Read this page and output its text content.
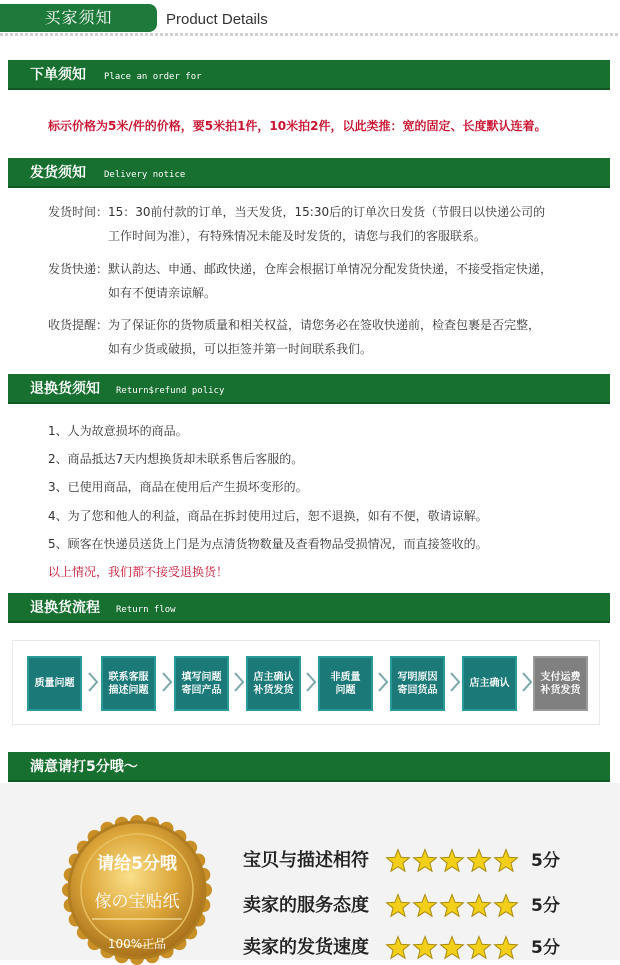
买家须知	Product Details
下单须知 Place an order for
标示价格为5米/件的价格，要5米拍1件，10米拍2件，以此类推：宽的固定、长度默认连着。
发货须知 Delivery notice
发货时间： 15：30前付款的订单，当天发货，15:30后的订单次日发货（节假日以快递公司的
工作时间为准），有特殊情况未能及时发货的，请您与我们的客服联系。
发货快递： 默认韵达、申通、邮政快递，仓库会根据订单情况分配发货快递，不接受指定快递，
如有不便请亲谅解。
收货提醒： 为了保证你的货物质量和相关权益，请您务必在签收快递前，检查包裹是否完整，
如有少货或破损，可以拒签并第一时间联系我们。
退换货须知 Return$refund policy
1、人为故意损坏的商品。
2、商品抵达7天内想换货却未联系售后客服的。
3、已使用商品，商品在使用后产生损坏变形的。
4、为了您和他人的利益，商品在拆封使用过后，恕不退换，如有不便，敬请谅解。
5、顾客在快递员送货上门是为点清货物数量及查看物品受损情况，而直接签收的。
以上情况，我们都不接受退换货！
退换货流程 Return flow
质量问题

联系客服
描述问题
填写问题
寄回产品
店主确认
补货发货
非质量
问题
写明原因
寄回货品
店主确认

支付运费
补货发货
满意请打5分哦～
请给5分哦
傢の宝贴纸
100%正品
宝贝与描述相符	5分
卖家的服务态度	5分
卖家的发货速度	5分
